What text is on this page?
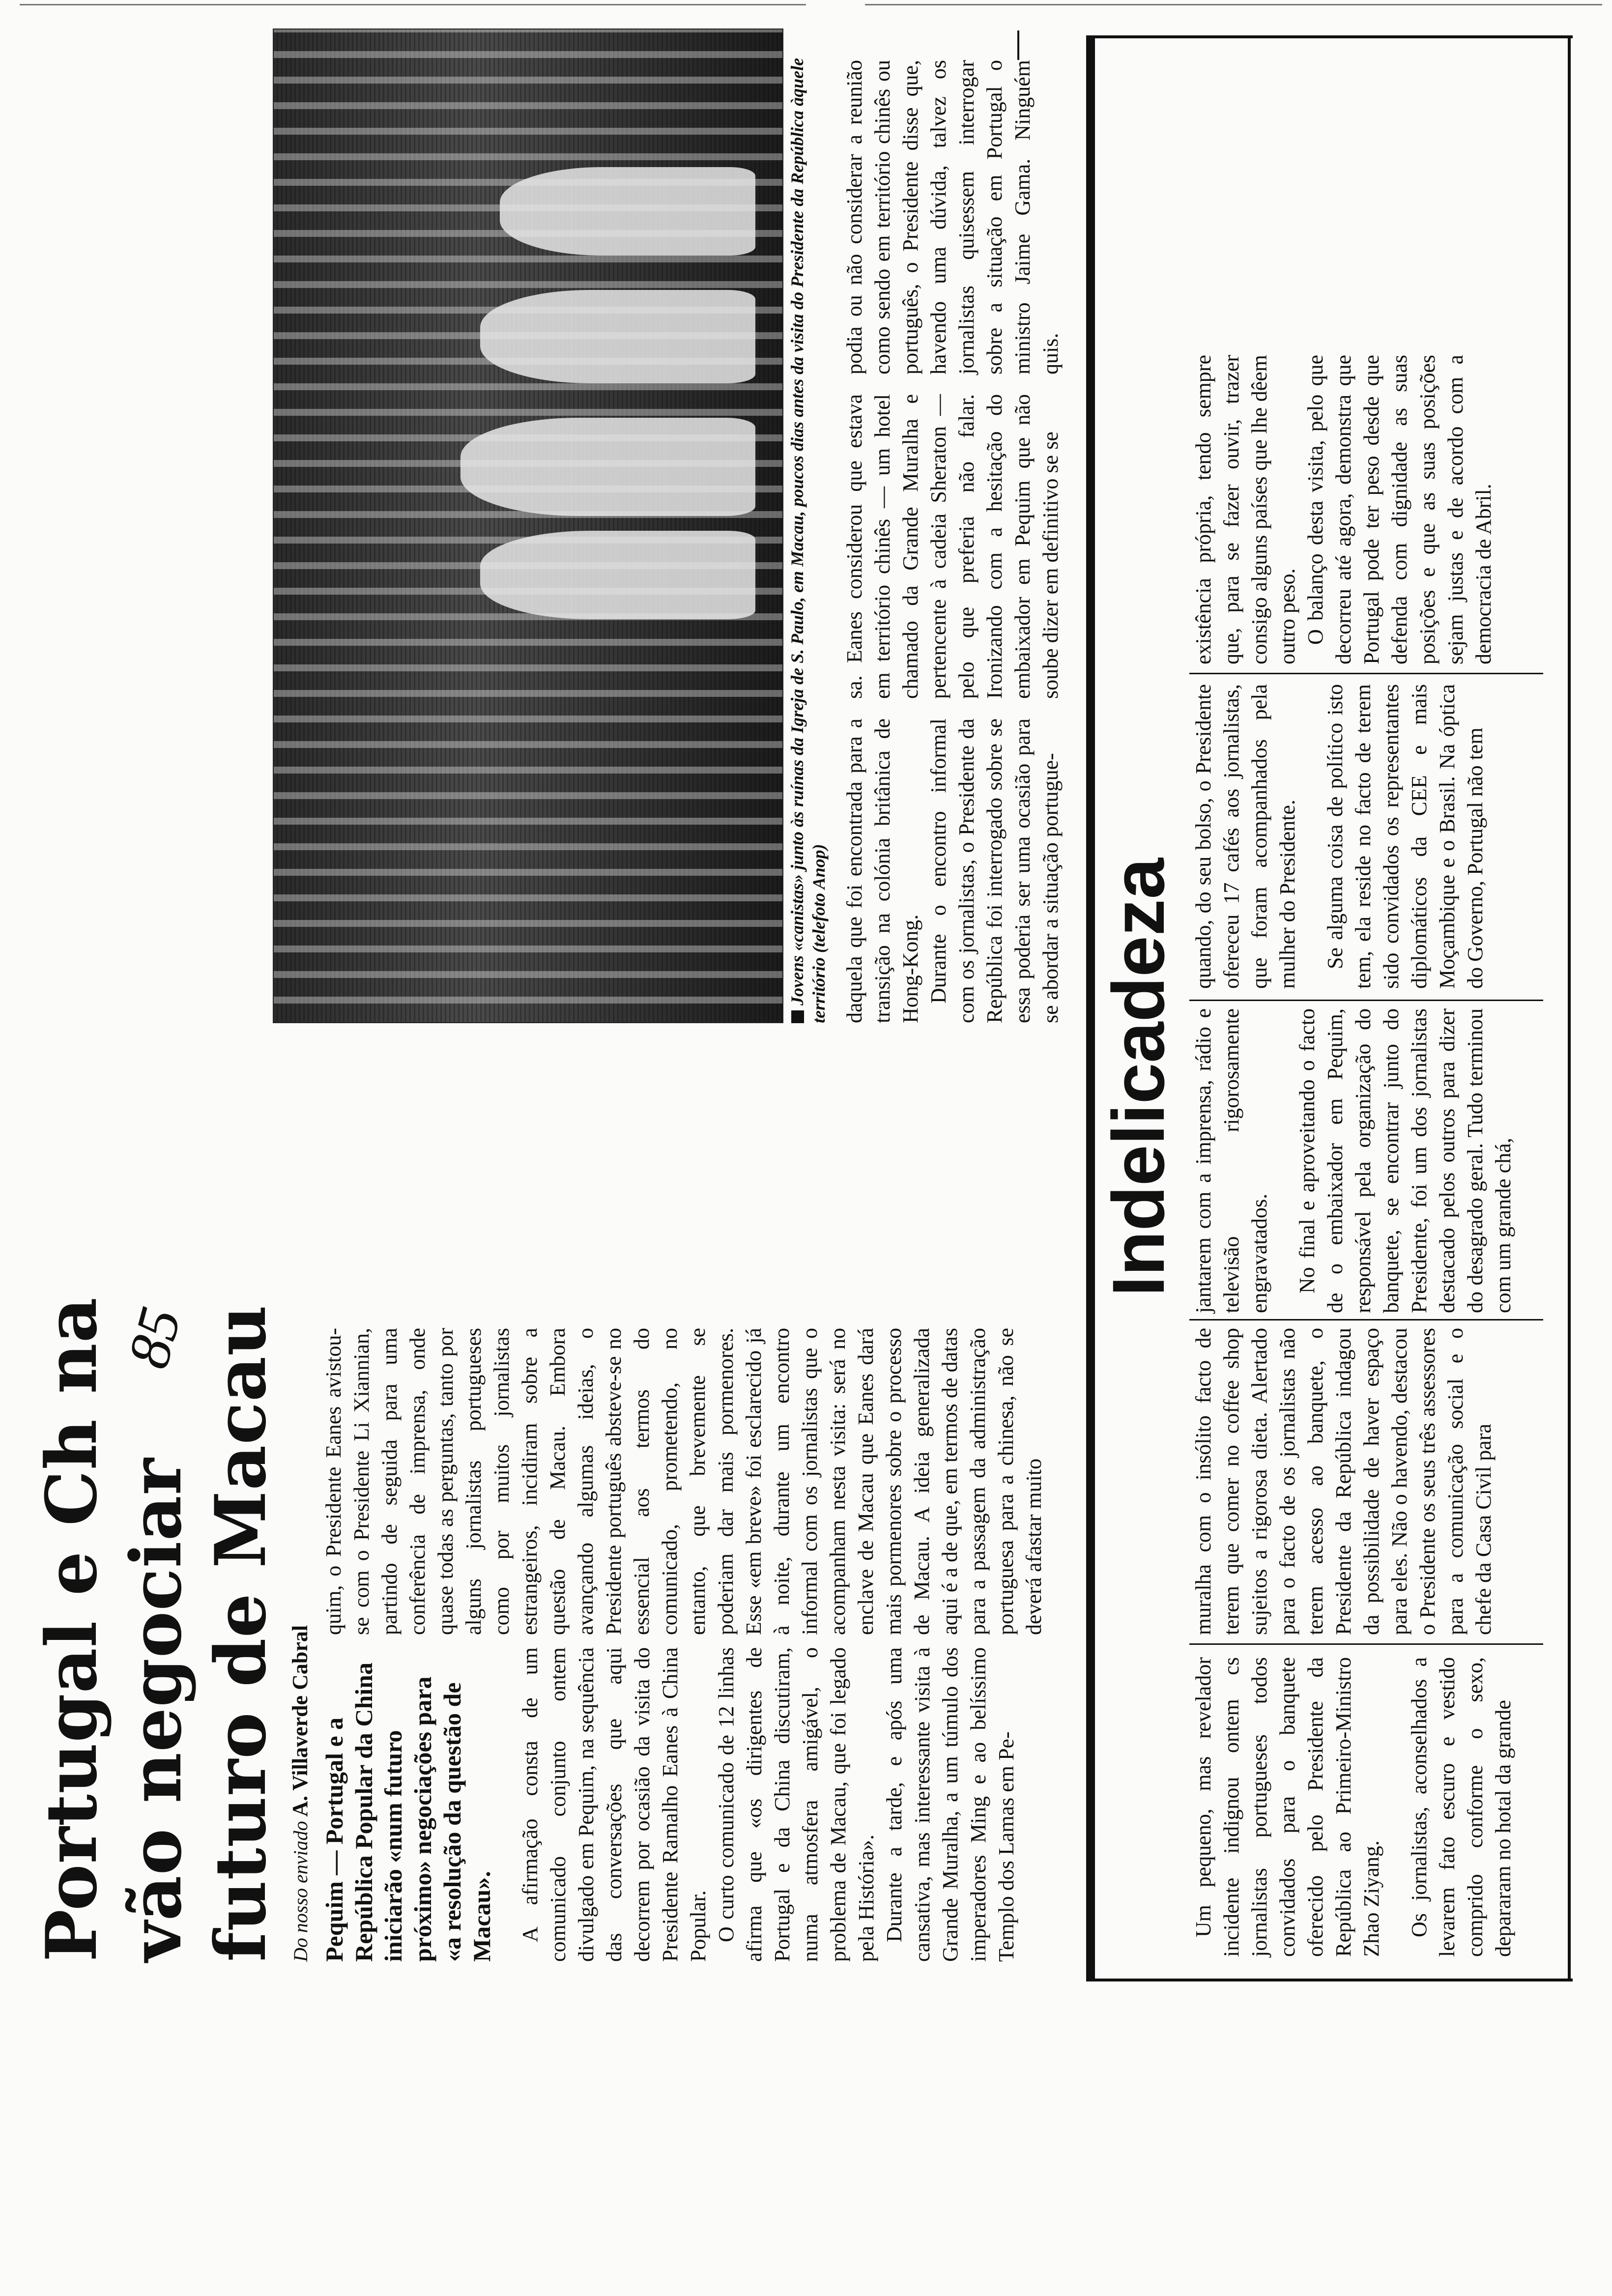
Portugal e Ch na vão negociar futuro de Macau
85
Do nosso enviado A. Villaverde Cabral Pequim — Portugal e a República Popular da China iniciarão «num futuro próximo» negociações para «a resolução da questão de Macau». A afirmação consta de um comunicado conjunto ontem divulgado em Pequim, na sequência das conversações que aqui decorrem por ocasião da visita do Presidente Ramalho Eanes à China Popular. O curto comunicado de 12 linhas afirma que «os dirigentes de Portugal e da China discutiram, numa atmosfera amigável, o problema de Macau, que foi legado pela História». Durante a tarde, e após uma cansativa, mas interessante visita à Grande Muralha, a um túmulo dos imperadores Ming e ao belíssimo Templo dos Lamas em Pe-

quim, o Presidente Eanes avistou-se com o Presidente Li Xiannian, partindo de seguida para uma conferência de imprensa, onde quase todas as perguntas, tanto por alguns jornalistas portugueses como por muitos jornalistas estrangeiros, incidiram sobre a questão de Macau. Embora avançando algumas ideias, o Presidente português absteve-se no essencial aos termos do comunicado, prometendo, no entanto, que brevemente se poderiam dar mais pormenores. Esse «em breve» foi esclarecido já à noite, durante um encontro informal com os jornalistas que o acompanham nesta visita: será no enclave de Macau que Eanes dará mais pormenores sobre o processo de Macau. A ideia generalizada aqui é a de que, em termos de datas para a passagem da administração portuguesa para a chinesa, não se deverá afastar muito

Jovens «canistas» junto às ruínas da Igreja de S. Paulo, em Macau, poucos dias antes da visita do Presidente da República àquele território (telefoto Anop) daquela que foi encontrada para a transição na colónia britânica de Hong-Kong. Durante o encontro informal com os jornalistas, o Presidente da República foi interrogado sobre se essa poderia ser uma ocasião para se abordar a situação portugue-

sa. Eanes considerou que estava em território chinês — um hotel chamado da Grande Muralha e pertencente à cadeia Sheraton — pelo que preferia não falar. Ironizando com a hesitação do embaixador em Pequim que não soube dizer em definitivo se se

podia ou não considerar a reunião como sendo em território chinês ou português, o Presidente disse que, havendo uma dúvida, talvez os jornalistas quisessem interrogar sobre a situação em Portugal o ministro Jaime Gama. Ninguém quis.

Indelicadeza

Um pequeno, mas revelador incidente indignou ontem cs jornalistas portugueses todos convidados para o banquete oferecido pelo Presidente da República ao Primeiro-Ministro Zhao Ziyang. Os jornalistas, aconselhados a levarem fato escuro e vestido comprido conforme o sexo, depararam no hotal da grande

muralha com o insólito facto de terem que comer no coffee shop sujeitos a rigorosa dieta. Alertado para o facto de os jornalistas não terem acesso ao banquete, o Presidente da República indagou da possibilidade de haver espaço para eles. Não o havendo, destacou o Presidente os seus três assessores para a comunicação social e o chefe da Casa Civil para

jantarem com a imprensa, rádio e televisão rigorosamente engravatados. No final e aproveitando o facto de o embaixador em Pequim, responsável pela organização do banquete, se encontrar junto do Presidente, foi um dos jornalistas destacado pelos outros para dizer do desagrado geral. Tudo terminou com um grande chá,

quando, do seu bolso, o Presidente ofereceu 17 cafés aos jornalistas, que foram acompanhados pela mulher do Presidente. Se alguma coisa de político isto tem, ela reside no facto de terem sido convidados os representantes diplomáticos da CEE e mais Moçambique e o Brasil. Na óptica do Governo, Portugal não tem

existência própria, tendo sempre que, para se fazer ouvir, trazer consigo alguns países que lhe dêem outro peso. O balanço desta visita, pelo que decorreu até agora, demonstra que Portugal pode ter peso desde que defenda com dignidade as suas posições e que as suas posições sejam justas e de acordo com a democracia de Abril.
